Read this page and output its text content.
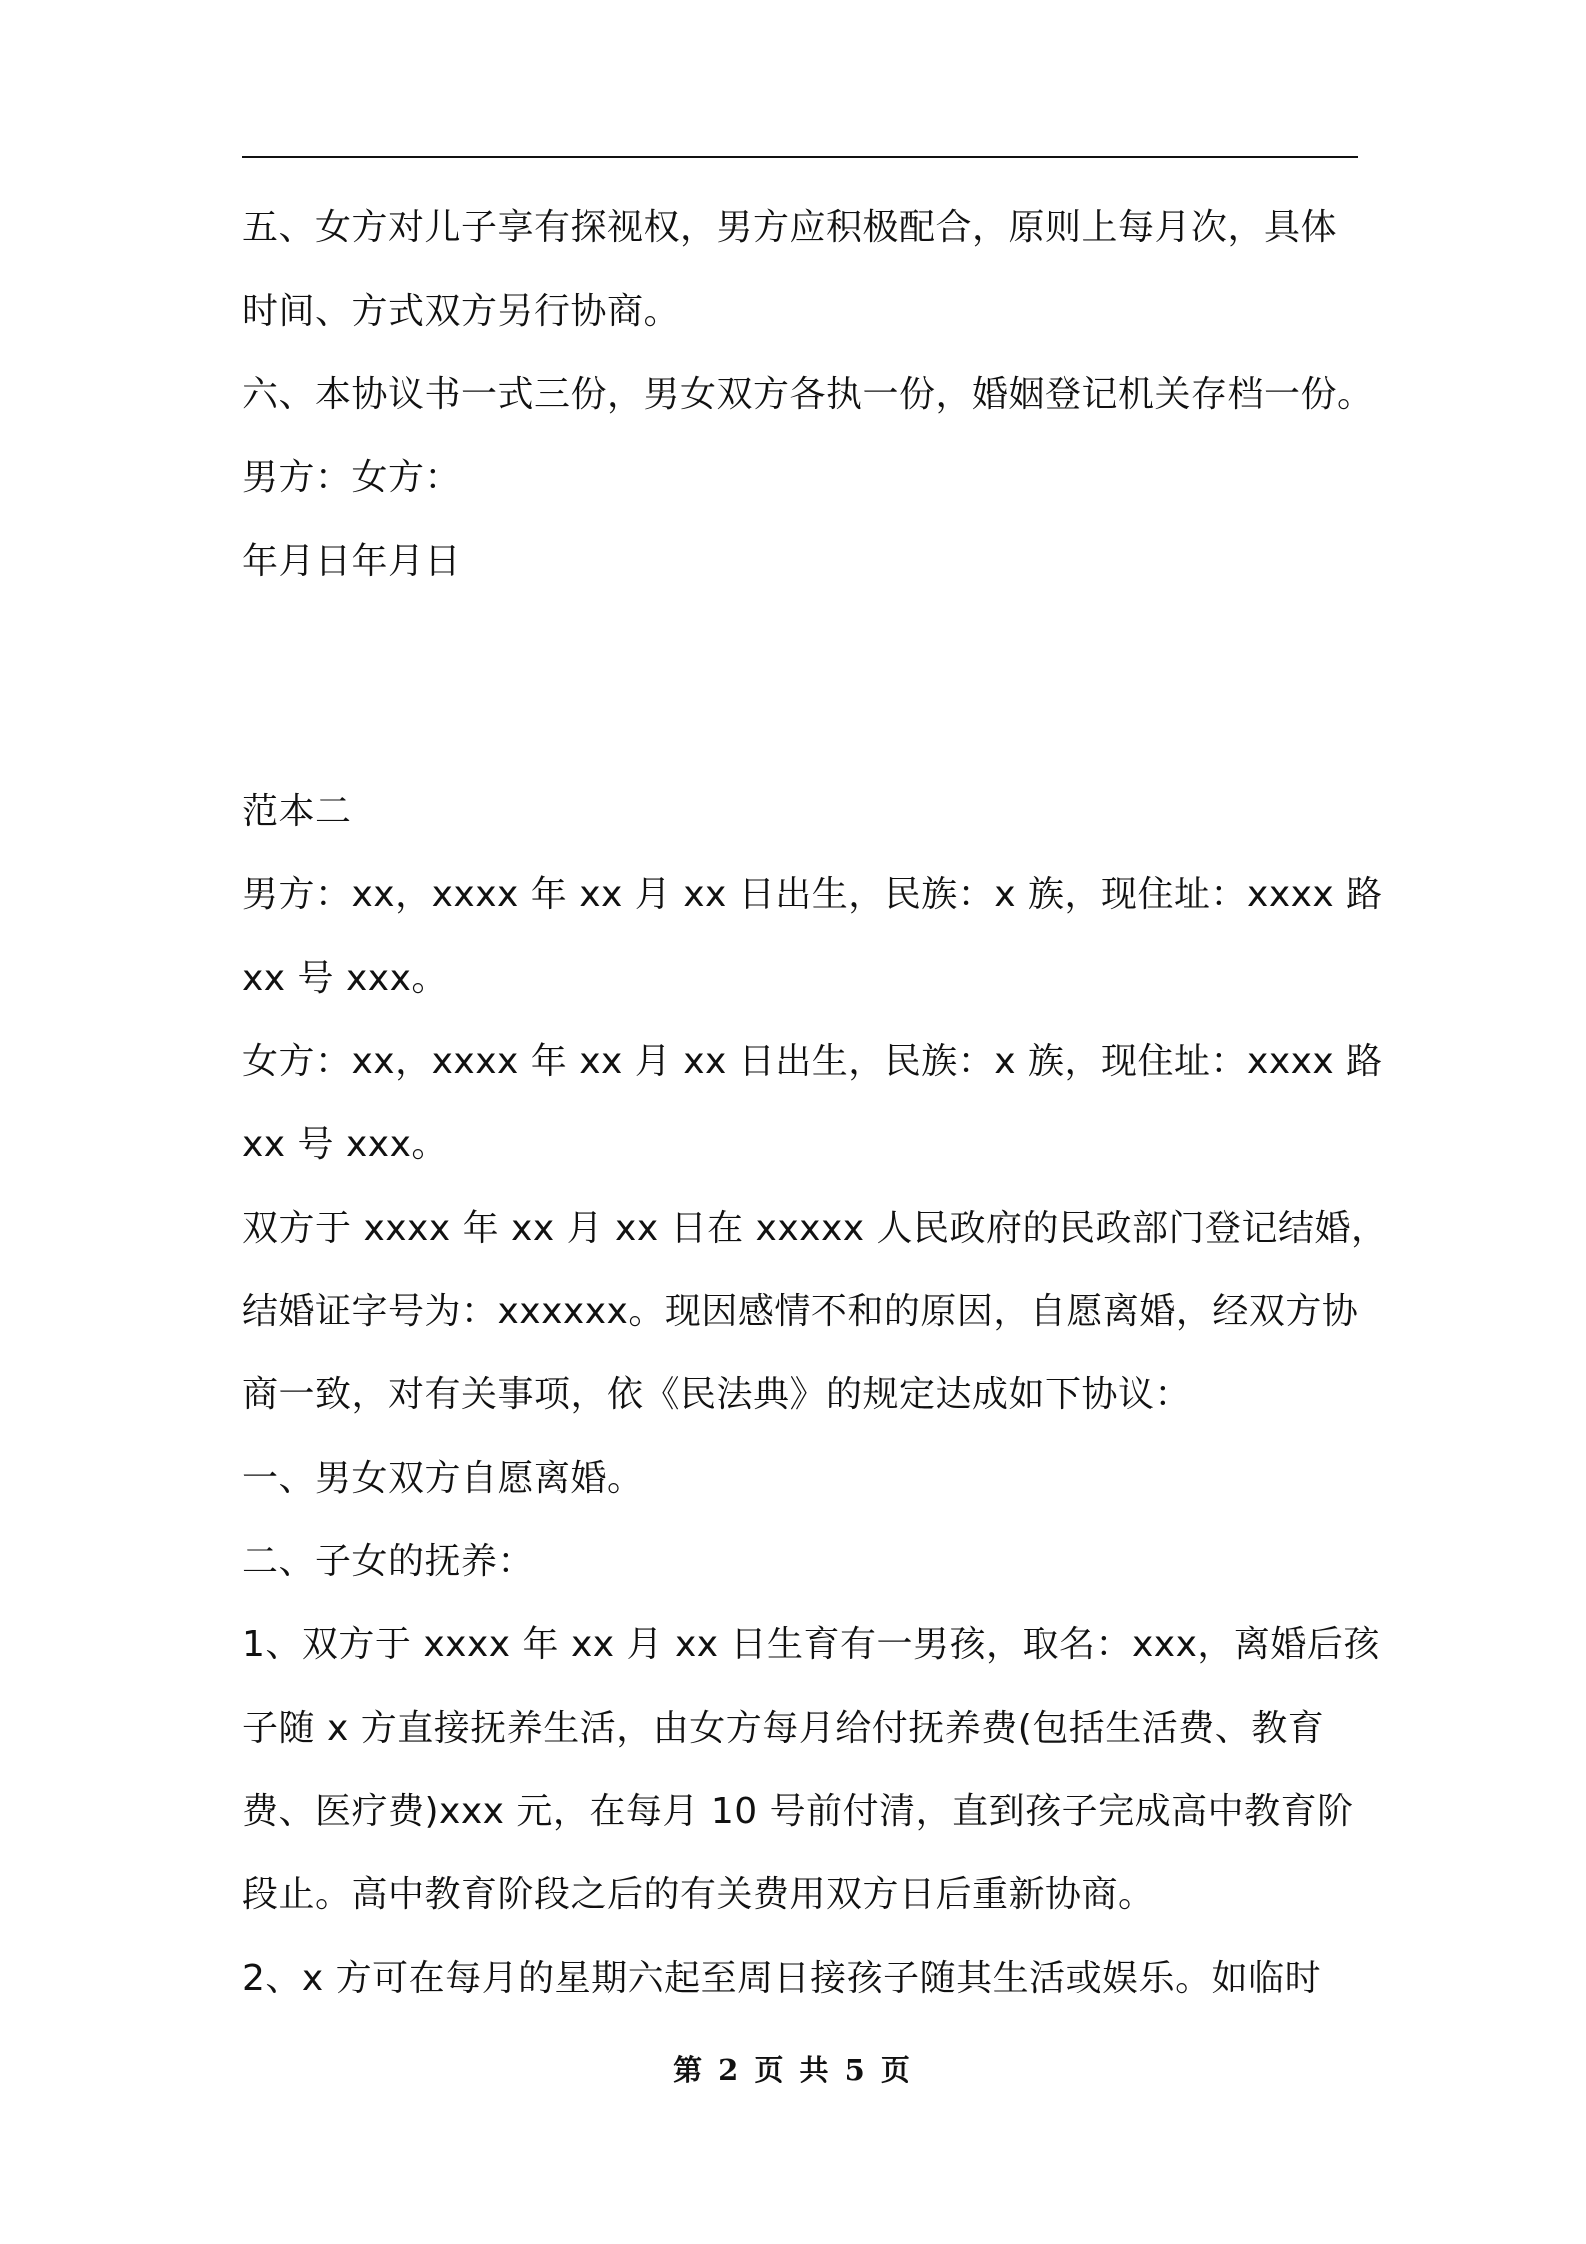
五、女方对儿子享有探视权，男方应积极配合，原则上每月次，具体
时间、方式双方另行协商。
六、本协议书一式三份，男女双方各执一份，婚姻登记机关存档一份。
男方：女方：
年月日年月日
范本二
男方：xx，xxxx 年 xx 月 xx 日出生，民族：x 族，现住址：xxxx 路
xx 号 xxx。
女方：xx，xxxx 年 xx 月 xx 日出生，民族：x 族，现住址：xxxx 路
xx 号 xxx。
双方于 xxxx 年 xx 月 xx 日在 xxxxx 人民政府的民政部门登记结婚，
结婚证字号为：xxxxxx。现因感情不和的原因，自愿离婚，经双方协
商一致，对有关事项，依《民法典》的规定达成如下协议：
一、男女双方自愿离婚。
二、子女的抚养：
1、双方于 xxxx 年 xx 月 xx 日生育有一男孩，取名：xxx，离婚后孩
子随 x 方直接抚养生活，由女方每月给付抚养费(包括生活费、教育
费、医疗费)xxx 元，在每月 10 号前付清，直到孩子完成高中教育阶
段止。高中教育阶段之后的有关费用双方日后重新协商。
2、x 方可在每月的星期六起至周日接孩子随其生活或娱乐。如临时
第 2 页 共 5 页
